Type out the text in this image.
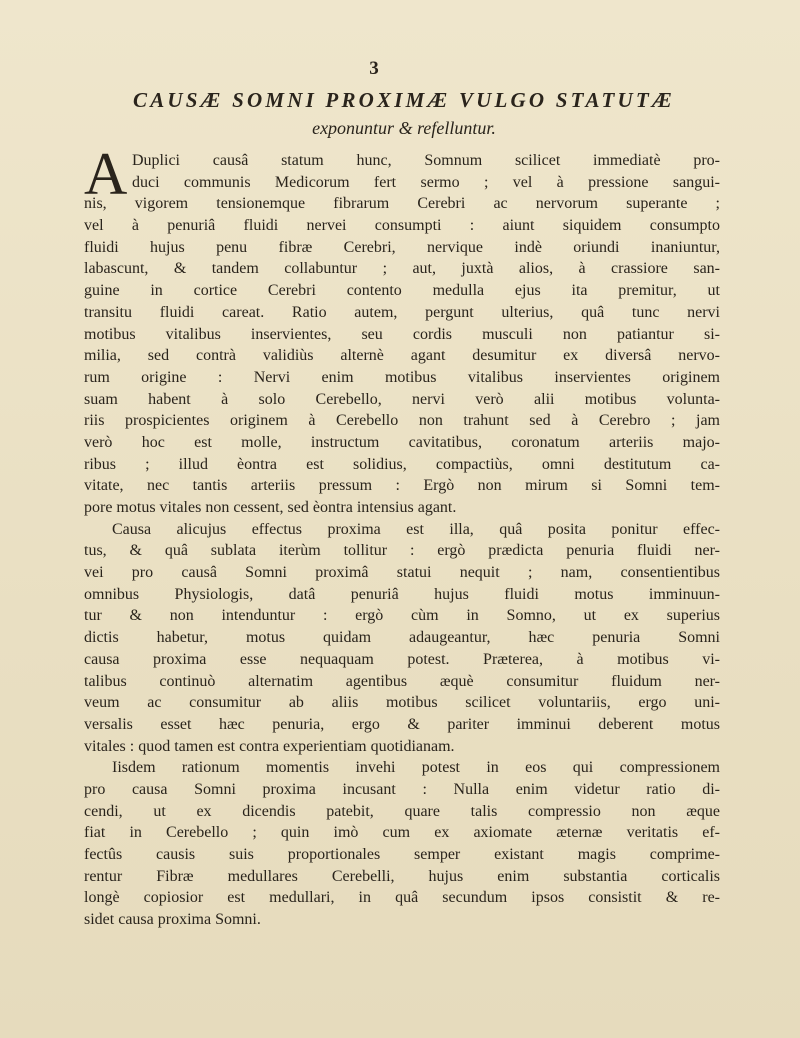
3
CAUSÆ SOMNI PROXIMÆ VULGO STATUTÆ
exponuntur & refelluntur.
A Duplici causâ statum hunc, Somnum scilicet immediatè pro-
duci communis Medicorum fert sermo ; vel à pressione sangui-
nis, vigorem tensionemque fibrarum Cerebri ac nervorum superante ;
vel à penuriâ fluidi nervei consumpti : aiunt siquidem consumpto
fluidi hujus penu fibræ Cerebri, nervique indè oriundi inaniuntur,
labascunt, & tandem collabuntur ; aut, juxtà alios, à crassiore san-
guine in cortice Cerebri contento medulla ejus ita premitur, ut
transitu fluidi careat. Ratio autem, pergunt ulterius, quâ tunc nervi
motibus vitalibus inservientes, seu cordis musculi non patiantur si-
milia, sed contrà validiùs alternè agant desumitur ex diversâ nervo-
rum origine : Nervi enim motibus vitalibus inservientes originem
suam habent à solo Cerebello, nervi verò alii motibus volunta-
riis prospicientes originem à Cerebello non trahunt sed à Cerebro ; jam
verò hoc est molle, instructum cavitatibus, coronatum arteriis majo-
ribus ; illud èontra est solidius, compactiùs, omni destitutum ca-
vitate, nec tantis arteriis pressum : Ergò non mirum si Somni tem-
pore motus vitales non cessent, sed èontra intensius agant.
Causa alicujus effectus proxima est illa, quâ posita ponitur effec-
tus, & quâ sublata iterùm tollitur : ergò prædicta penuria fluidi ner-
vei pro causâ Somni proximâ statui nequit ; nam, consentientibus
omnibus Physiologis, datâ penuriâ hujus fluidi motus imminuun-
tur & non intenduntur : ergò cùm in Somno, ut ex superius
dictis habetur, motus quidam adaugeantur, hæc penuria Somni
causa proxima esse nequaquam potest. Præterea, à motibus vi-
talibus continuò alternatim agentibus æquè consumitur fluidum ner-
veum ac consumitur ab aliis motibus scilicet voluntariis, ergo uni-
versalis esset hæc penuria, ergo & pariter imminui deberent motus
vitales : quod tamen est contra experientiam quotidianam.
Iisdem rationum momentis invehi potest in eos qui compressionem
pro causa Somni proxima incusant : Nulla enim videtur ratio di-
cendi, ut ex dicendis patebit, quare talis compressio non æque
fiat in Cerebello ; quin imò cum ex axiomate æternæ veritatis ef-
fectûs causis suis proportionales semper existant magis comprime-
rentur Fibræ medullares Cerebelli, hujus enim substantia corticalis
longè copiosior est medullari, in quâ secundum ipsos consistit & re-
sidet causa proxima Somni.
